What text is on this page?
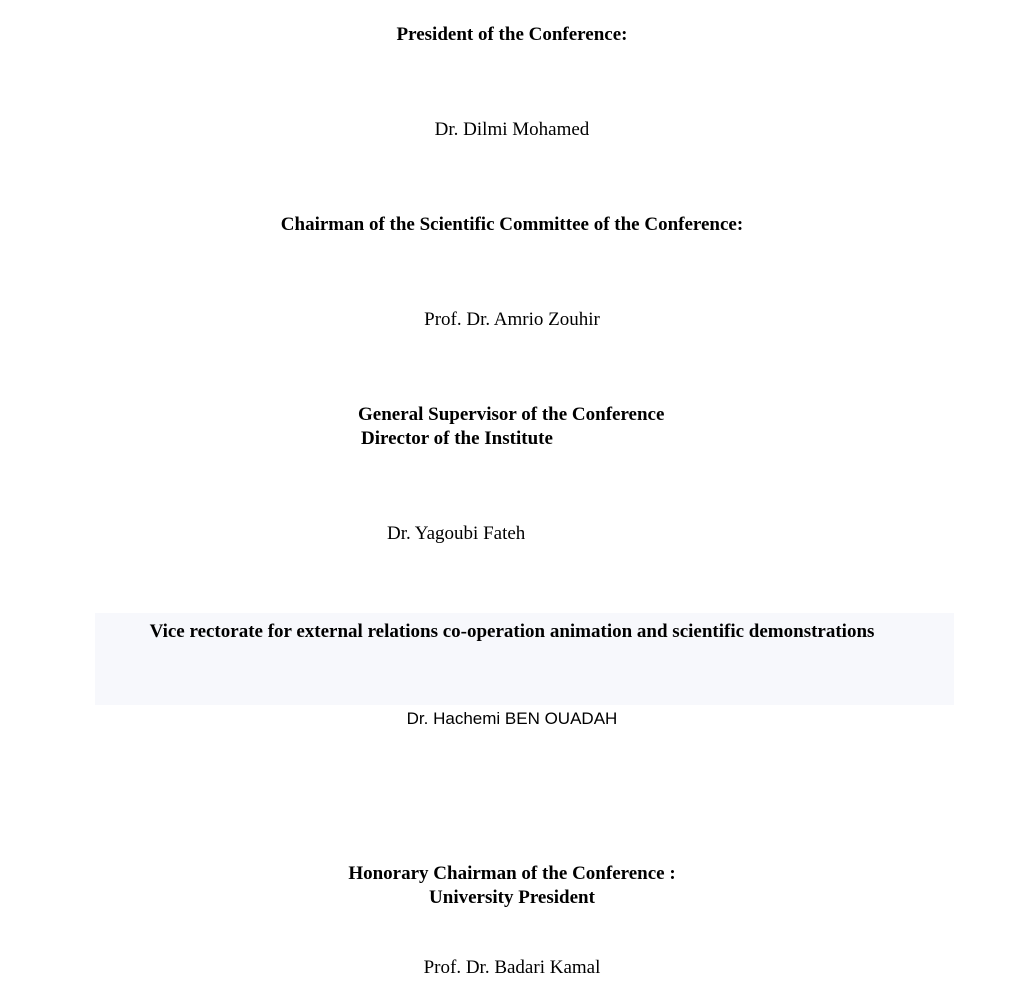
President of the Conference:
Dr. Dilmi Mohamed
Chairman of the Scientific Committee of the Conference:
Prof. Dr. Amrio Zouhir
General Supervisor of the Conference
Director of the Institute
Dr. Yagoubi Fateh
Vice rectorate for external relations co-operation animation and scientific demonstrations
Dr. Hachemi BEN OUADAH
Honorary Chairman of the Conference :
University President
Prof. Dr. Badari Kamal
